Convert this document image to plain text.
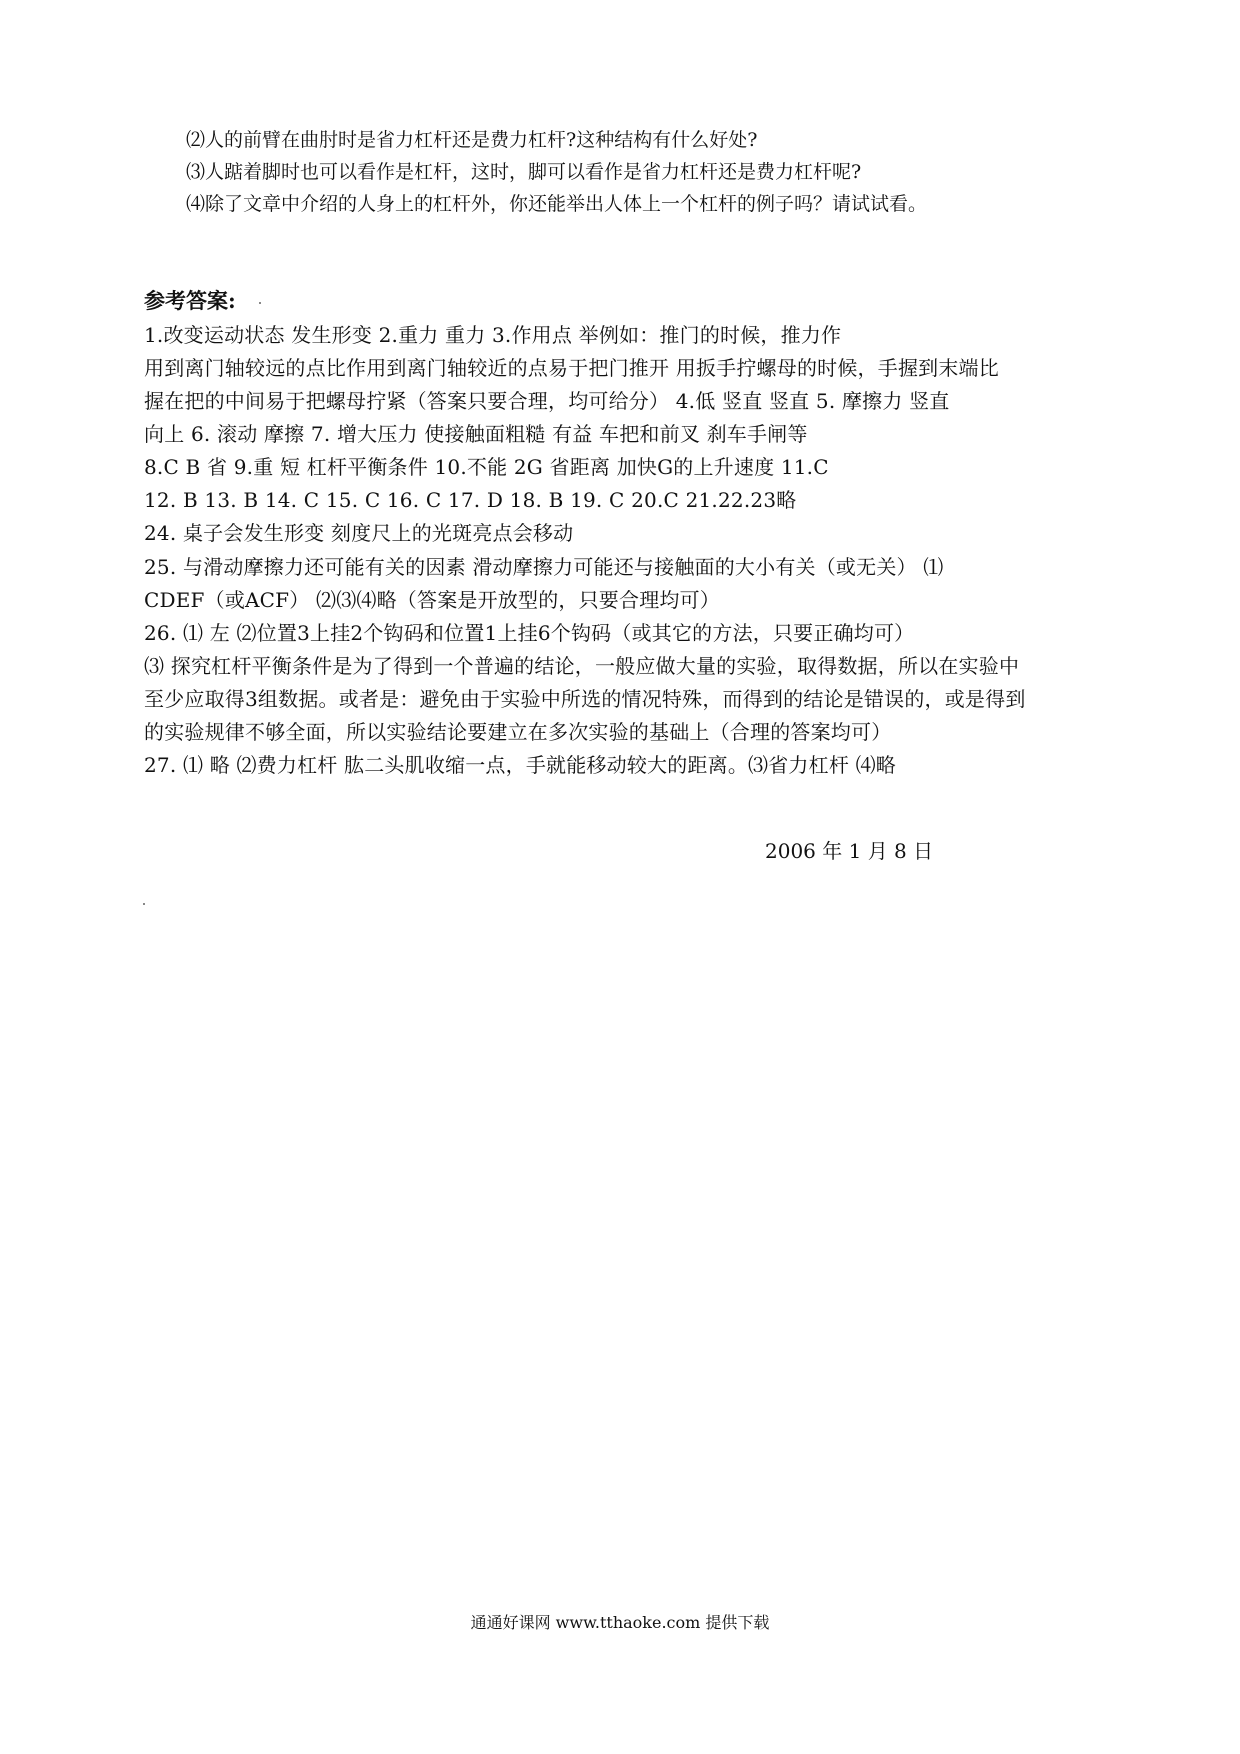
⑵人的前臂在曲肘时是省力杠杆还是费力杠杆?这种结构有什么好处?
⑶人踮着脚时也可以看作是杠杆，这时，脚可以看作是省力杠杆还是费力杠杆呢?
⑷除了文章中介绍的人身上的杠杆外，你还能举出人体上一个杠杆的例子吗？请试试看。
参考答案:
1.改变运动状态 发生形变 2.重力 重力 3.作用点 举例如：推门的时候，推力作
用到离门轴较远的点比作用到离门轴较近的点易于把门推开 用扳手拧螺母的时候，手握到末端比
握在把的中间易于把螺母拧紧（答案只要合理，均可给分） 4.低 竖直 竖直 5. 摩擦力 竖直
向上 6. 滚动 摩擦 7. 增大压力 使接触面粗糙 有益 车把和前叉 刹车手闸等
8.C B 省 9.重 短 杠杆平衡条件 10.不能 2G 省距离 加快G的上升速度 11.C
12. B 13. B 14. C 15. C 16. C 17. D 18. B 19. C 20.C 21.22.23略
24. 桌子会发生形变 刻度尺上的光斑亮点会移动
25. 与滑动摩擦力还可能有关的因素 滑动摩擦力可能还与接触面的大小有关（或无关） ⑴
CDEF（或ACF） ⑵⑶⑷略（答案是开放型的，只要合理均可）
26. ⑴ 左 ⑵位置3上挂2个钩码和位置1上挂6个钩码（或其它的方法，只要正确均可）
⑶ 探究杠杆平衡条件是为了得到一个普遍的结论，一般应做大量的实验，取得数据，所以在实验中
至少应取得3组数据。或者是：避免由于实验中所选的情况特殊，而得到的结论是错误的，或是得到
的实验规律不够全面，所以实验结论要建立在多次实验的基础上（合理的答案均可）
27. ⑴ 略 ⑵费力杠杆 肱二头肌收缩一点，手就能移动较大的距离。⑶省力杠杆 ⑷略
2006 年 1 月 8 日
通通好课网 www.tthaoke.com 提供下载
